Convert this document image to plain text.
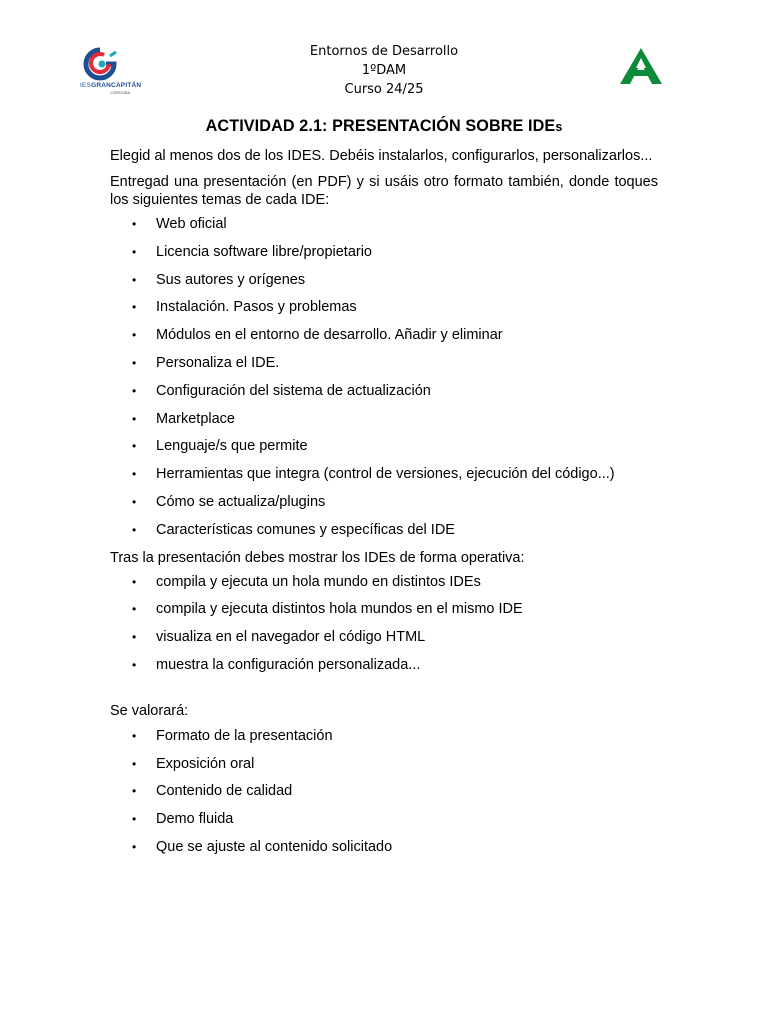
IESGRANCAPITÁN
CÓRDOBA
Entornos de Desarrollo
1ºDAM
Curso 24/25
ACTIVIDAD 2.1: PRESENTACIÓN SOBRE IDEs

Elegid al menos dos de los IDES. Debéis instalarlos, configurarlos, personalizarlos...

Entregad una presentación (en PDF) y si usáis otro formato también, donde toques los siguientes temas de cada IDE:

• Web oficial
• Licencia software libre/propietario
• Sus autores y orígenes
• Instalación. Pasos y problemas
• Módulos en el entorno de desarrollo. Añadir y eliminar
• Personaliza el IDE.
• Configuración del sistema de actualización
• Marketplace
• Lenguaje/s que permite
• Herramientas que integra (control de versiones, ejecución del código...)
• Cómo se actualiza/plugins
• Características comunes y específicas del IDE

Tras la presentación debes mostrar los IDEs de forma operativa:

• compila y ejecuta un hola mundo en distintos IDEs
• compila y ejecuta distintos hola mundos en el mismo IDE
• visualiza en el navegador el código HTML
• muestra la configuración personalizada...

Se valorará:

• Formato de la presentación
• Exposición oral
• Contenido de calidad
• Demo fluida
• Que se ajuste al contenido solicitado
